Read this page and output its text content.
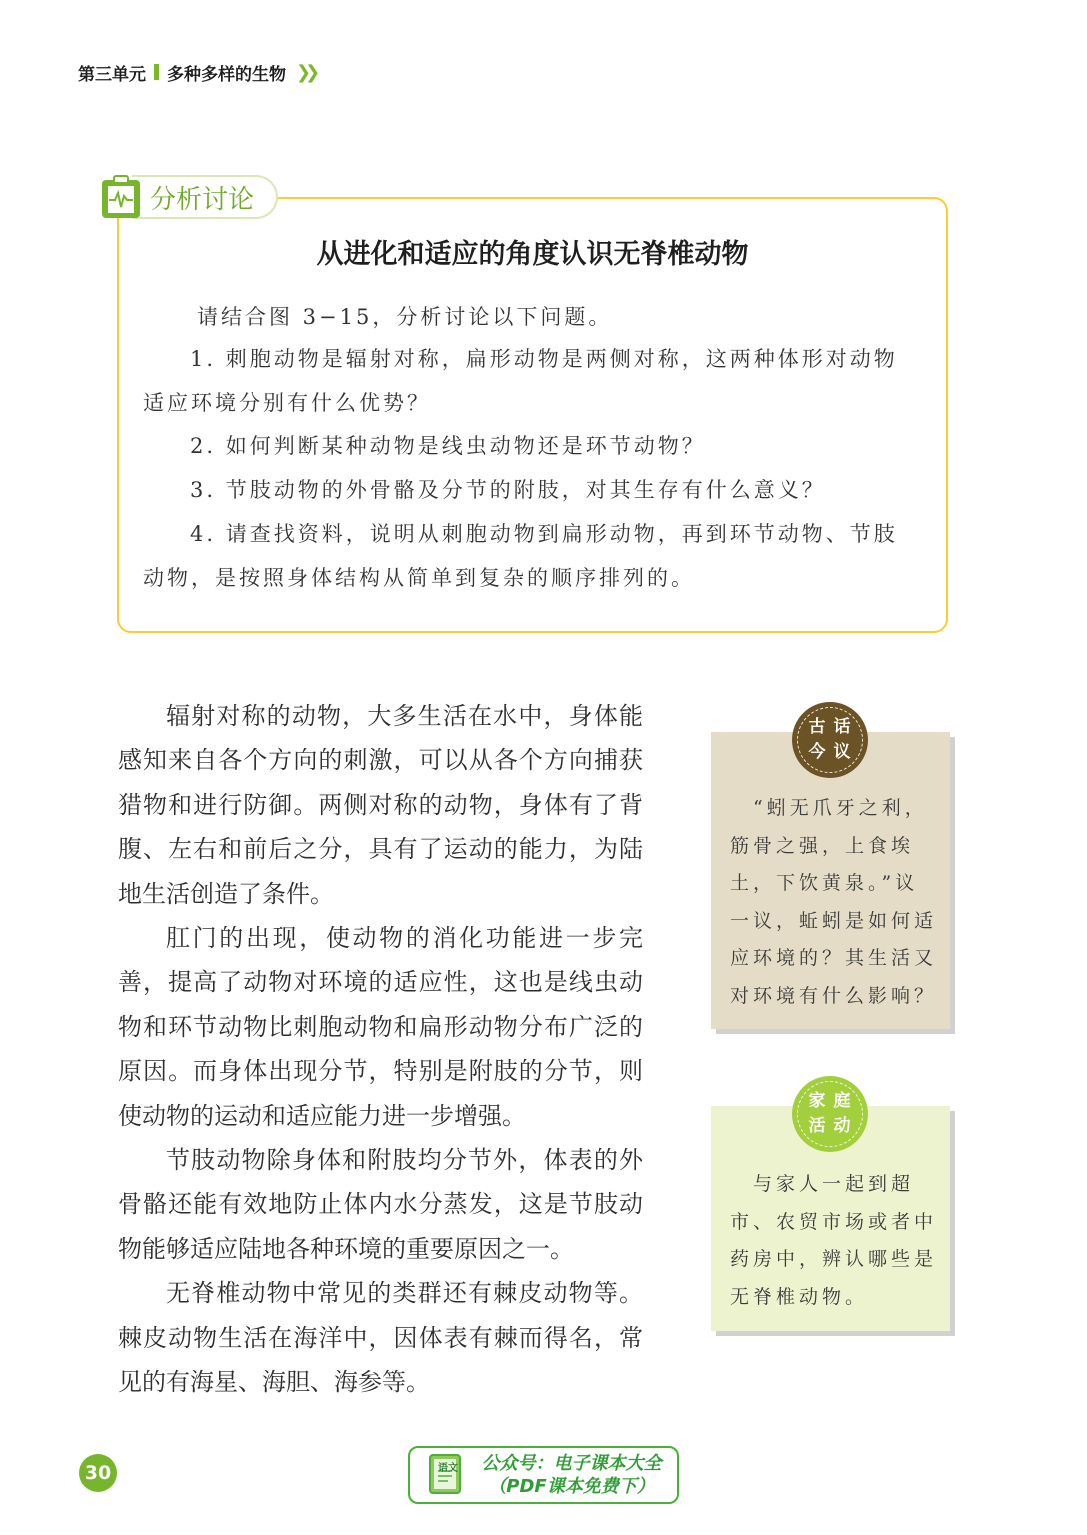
第三单元 多种多样的生物 ❯❯
分析讨论
从进化和适应的角度认识无脊椎动物
请结合图 3−15，分析讨论以下问题。
1. 刺胞动物是辐射对称，扁形动物是两侧对称，这两种体形对动物
适应环境分别有什么优势？
2. 如何判断某种动物是线虫动物还是环节动物？
3. 节肢动物的外骨骼及分节的附肢，对其生存有什么意义？
4. 请查找资料，说明从刺胞动物到扁形动物，再到环节动物、节肢
动物，是按照身体结构从简单到复杂的顺序排列的。

辐射对称的动物，大多生活在水中，身体能感知来自各个方向的刺激，可以从各个方向捕获猎物和进行防御。两侧对称的动物，身体有了背腹、左右和前后之分，具有了运动的能力，为陆地生活创造了条件。

肛门的出现，使动物的消化功能进一步完善，提高了动物对环境的适应性，这也是线虫动物和环节动物比刺胞动物和扁形动物分布广泛的原因。而身体出现分节，特别是附肢的分节，则使动物的运动和适应能力进一步增强。

节肢动物除身体和附肢均分节外，体表的外骨骼还能有效地防止体内水分蒸发，这是节肢动物能够适应陆地各种环境的重要原因之一。

无脊椎动物中常见的类群还有棘皮动物等。棘皮动物生活在海洋中，因体表有棘而得名，常见的有海星、海胆、海参等。

古 话
今 议
　“蚓无爪牙之利，
筋骨之强，上食埃
土，下饮黄泉。”议
一议，蚯蚓是如何适
应环境的？其生活又
对环境有什么影响？
家 庭
活 动
　与家人一起到超
市、农贸市场或者中
药房中，辨认哪些是
无脊椎动物。
30	语文	公众号：电子课本大全
（PDF课本免费下）
